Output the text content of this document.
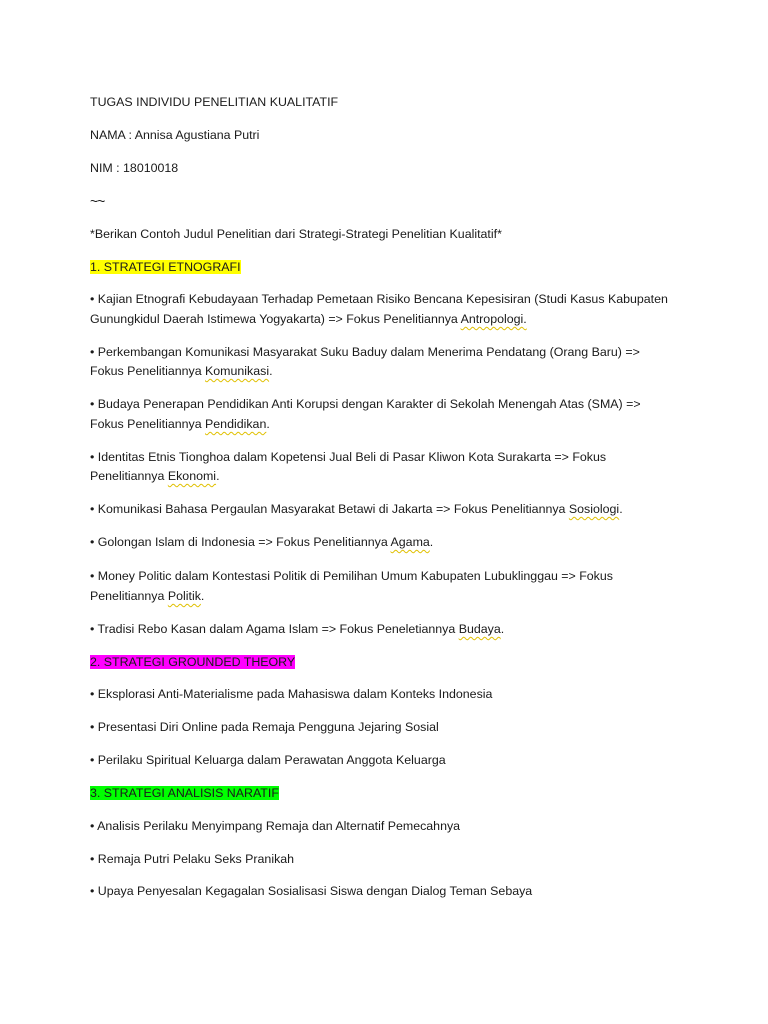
TUGAS INDIVIDU PENELITIAN KUALITATIF
NAMA : Annisa Agustiana Putri
NIM : 18010018
~~
*Berikan Contoh Judul Penelitian dari Strategi-Strategi Penelitian Kualitatif*
1. STRATEGI ETNOGRAFI
• Kajian Etnografi Kebudayaan Terhadap Pemetaan Risiko Bencana Kepesisiran (Studi Kasus Kabupaten
Gunungkidul Daerah Istimewa Yogyakarta) => Fokus Penelitiannya Antropologi.
• Perkembangan Komunikasi Masyarakat Suku Baduy dalam Menerima Pendatang (Orang Baru) =>
Fokus Penelitiannya Komunikasi.
• Budaya Penerapan Pendidikan Anti Korupsi dengan Karakter di Sekolah Menengah Atas (SMA) =>
Fokus Penelitiannya Pendidikan.
• Identitas Etnis Tionghoa dalam Kopetensi Jual Beli di Pasar Kliwon Kota Surakarta => Fokus
Penelitiannya Ekonomi.
• Komunikasi Bahasa Pergaulan Masyarakat Betawi di Jakarta => Fokus Penelitiannya Sosiologi.
• Golongan Islam di Indonesia => Fokus Penelitiannya Agama.
• Money Politic dalam Kontestasi Politik di Pemilihan Umum Kabupaten Lubuklinggau => Fokus
Penelitiannya Politik.
• Tradisi Rebo Kasan dalam Agama Islam => Fokus Peneletiannya Budaya.
2. STRATEGI GROUNDED THEORY
• Eksplorasi Anti-Materialisme pada Mahasiswa dalam Konteks Indonesia
• Presentasi Diri Online pada Remaja Pengguna Jejaring Sosial
• Perilaku Spiritual Keluarga dalam Perawatan Anggota Keluarga
3. STRATEGI ANALISIS NARATIF
• Analisis Perilaku Menyimpang Remaja dan Alternatif Pemecahnya
• Remaja Putri Pelaku Seks Pranikah
• Upaya Penyesalan Kegagalan Sosialisasi Siswa dengan Dialog Teman Sebaya
